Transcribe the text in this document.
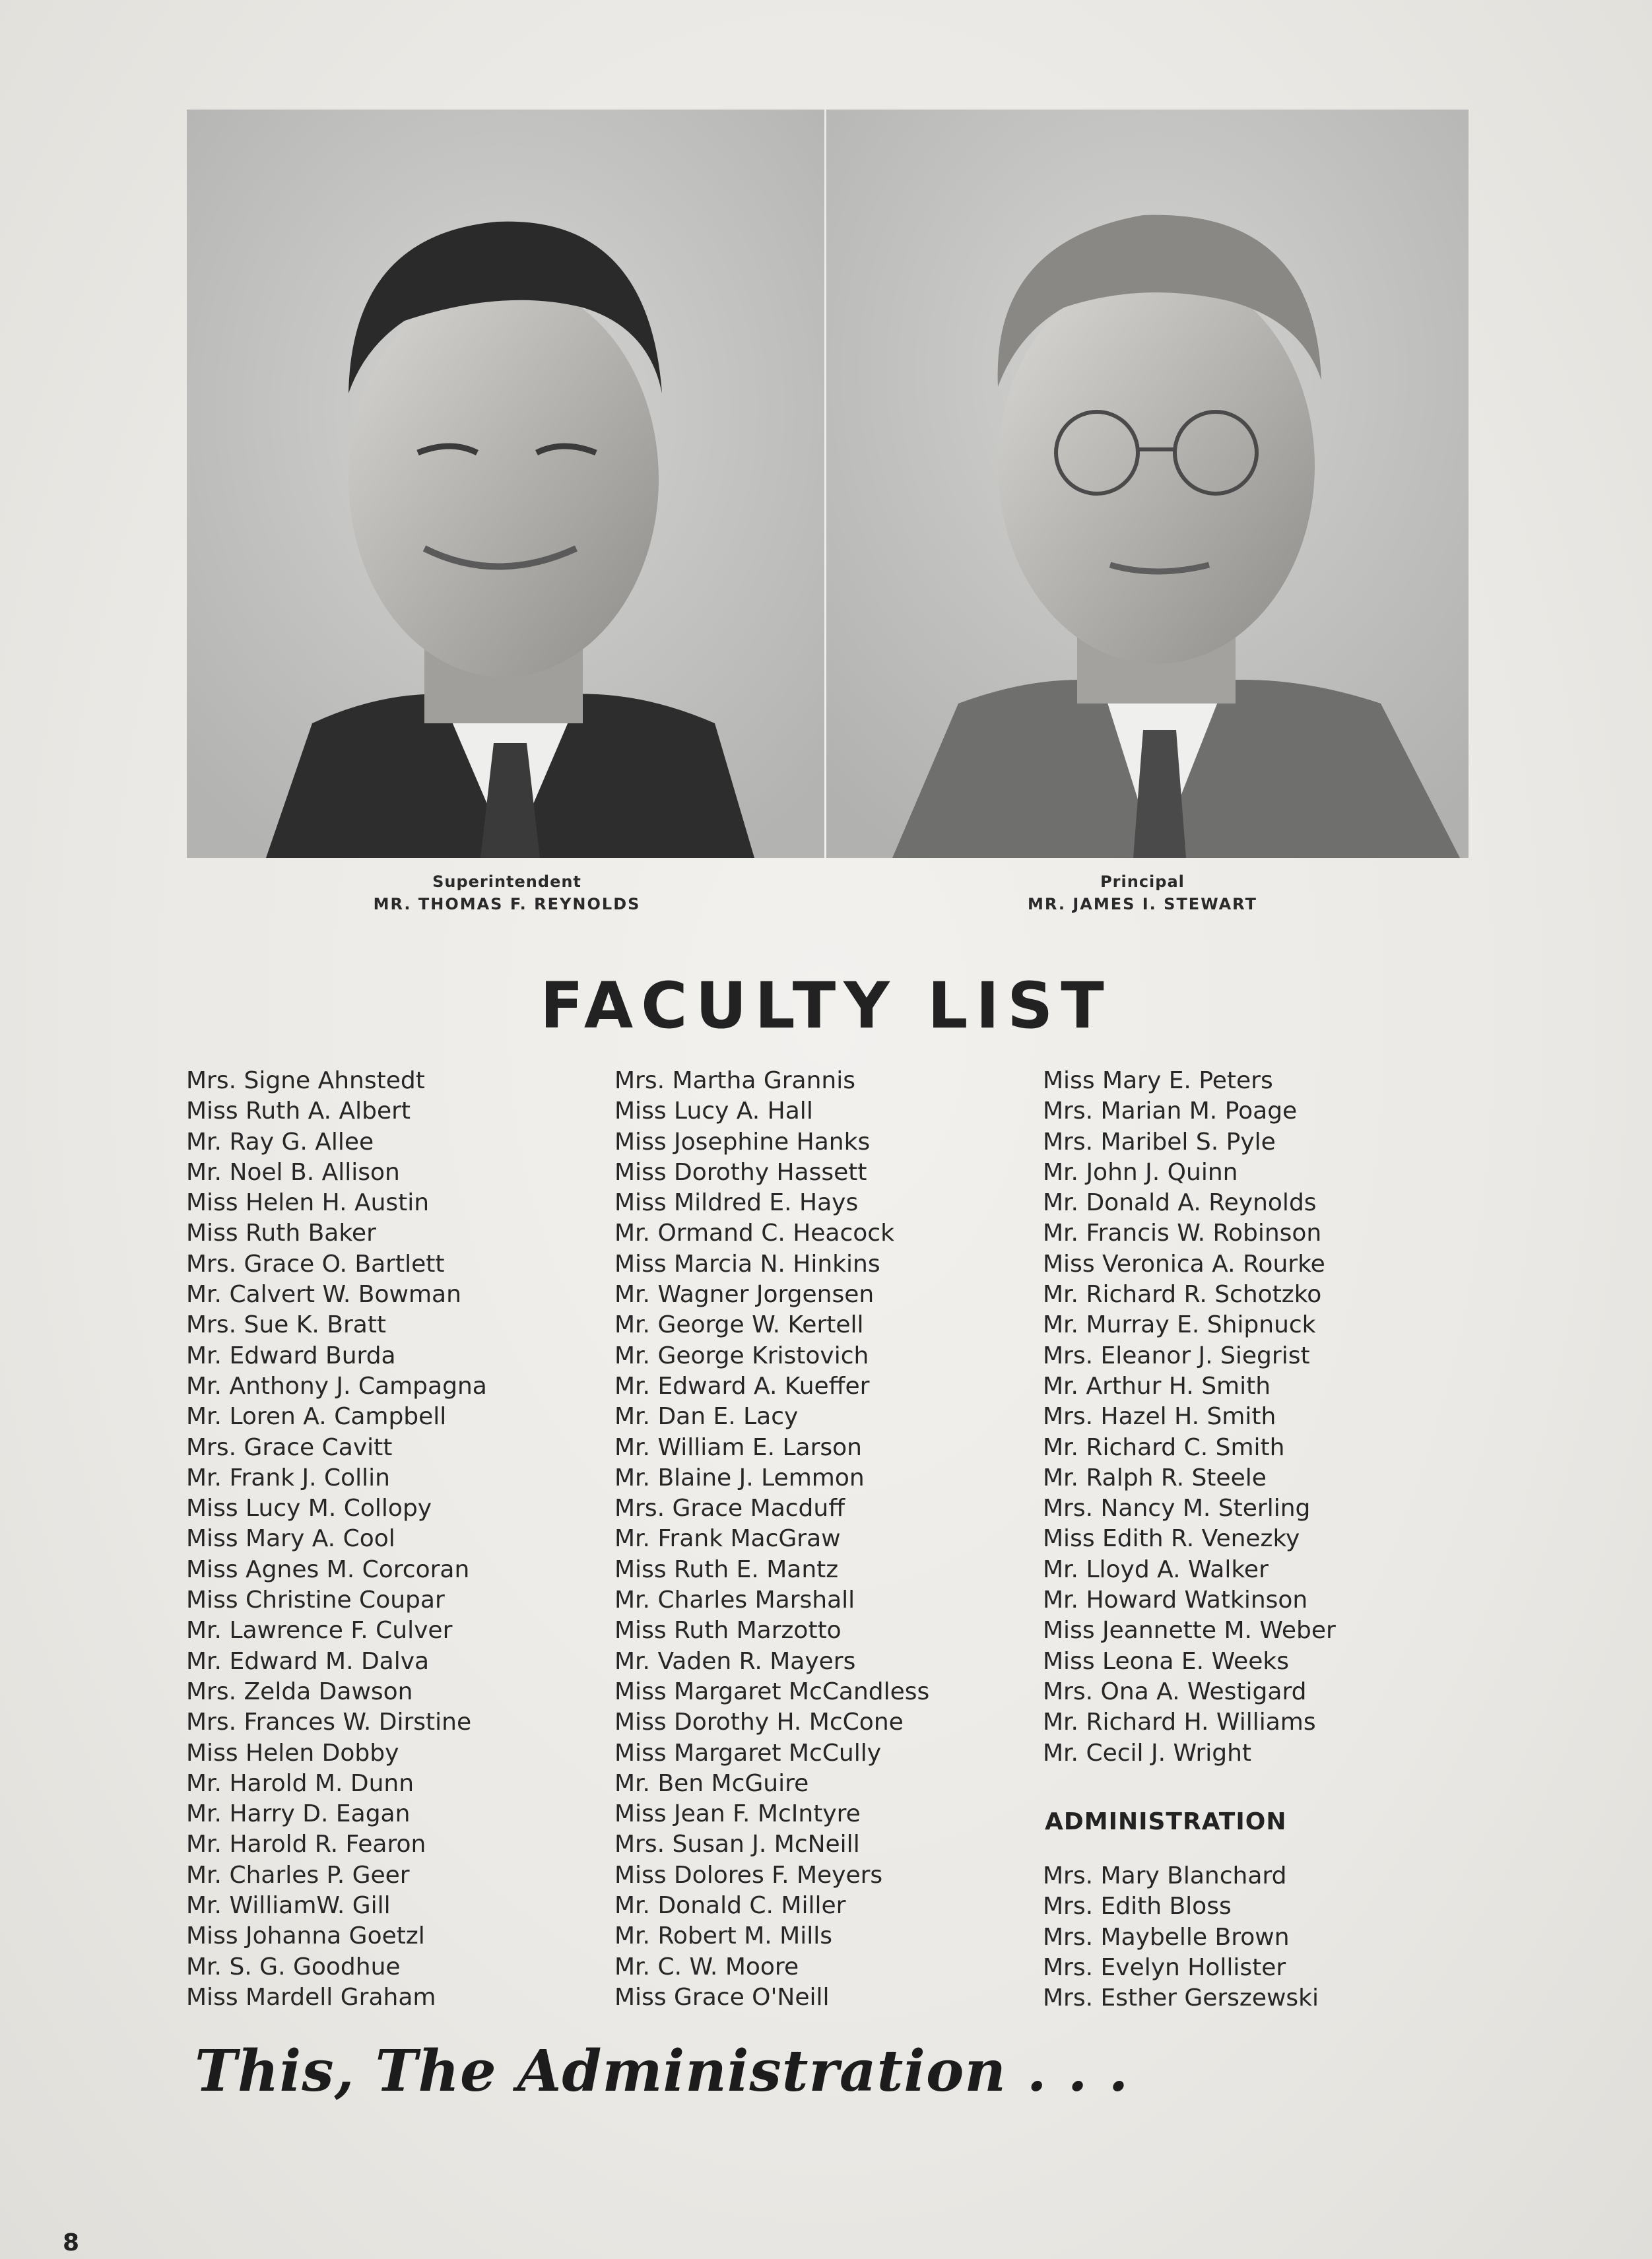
Superintendent
MR. THOMAS F. REYNOLDS
Principal
MR. JAMES I. STEWART
FACULTY LIST
Mrs. Signe Ahnstedt
Miss Ruth A. Albert
Mr. Ray G. Allee
Mr. Noel B. Allison
Miss Helen H. Austin
Miss Ruth Baker
Mrs. Grace O. Bartlett
Mr. Calvert W. Bowman
Mrs. Sue K. Bratt
Mr. Edward Burda
Mr. Anthony J. Campagna
Mr. Loren A. Campbell
Mrs. Grace Cavitt
Mr. Frank J. Collin
Miss Lucy M. Collopy
Miss Mary A. Cool
Miss Agnes M. Corcoran
Miss Christine Coupar
Mr. Lawrence F. Culver
Mr. Edward M. Dalva
Mrs. Zelda Dawson
Mrs. Frances W. Dirstine
Miss Helen Dobby
Mr. Harold M. Dunn
Mr. Harry D. Eagan
Mr. Harold R. Fearon
Mr. Charles P. Geer
Mr. WilliamW. Gill
Miss Johanna Goetzl
Mr. S. G. Goodhue
Miss Mardell Graham
Mrs. Martha Grannis
Miss Lucy A. Hall
Miss Josephine Hanks
Miss Dorothy Hassett
Miss Mildred E. Hays
Mr. Ormand C. Heacock
Miss Marcia N. Hinkins
Mr. Wagner Jorgensen
Mr. George W. Kertell
Mr. George Kristovich
Mr. Edward A. Kueffer
Mr. Dan E. Lacy
Mr. William E. Larson
Mr. Blaine J. Lemmon
Mrs. Grace Macduff
Mr. Frank MacGraw
Miss Ruth E. Mantz
Mr. Charles Marshall
Miss Ruth Marzotto
Mr. Vaden R. Mayers
Miss Margaret McCandless
Miss Dorothy H. McCone
Miss Margaret McCully
Mr. Ben McGuire
Miss Jean F. McIntyre
Mrs. Susan J. McNeill
Miss Dolores F. Meyers
Mr. Donald C. Miller
Mr. Robert M. Mills
Mr. C. W. Moore
Miss Grace O'Neill
Miss Mary E. Peters
Mrs. Marian M. Poage
Mrs. Maribel S. Pyle
Mr. John J. Quinn
Mr. Donald A. Reynolds
Mr. Francis W. Robinson
Miss Veronica A. Rourke
Mr. Richard R. Schotzko
Mr. Murray E. Shipnuck
Mrs. Eleanor J. Siegrist
Mr. Arthur H. Smith
Mrs. Hazel H. Smith
Mr. Richard C. Smith
Mr. Ralph R. Steele
Mrs. Nancy M. Sterling
Miss Edith R. Venezky
Mr. Lloyd A. Walker
Mr. Howard Watkinson
Miss Jeannette M. Weber
Miss Leona E. Weeks
Mrs. Ona A. Westigard
Mr. Richard H. Williams
Mr. Cecil J. Wright
ADMINISTRATION
Mrs. Mary Blanchard
Mrs. Edith Bloss
Mrs. Maybelle Brown
Mrs. Evelyn Hollister
Mrs. Esther Gerszewski
This, The Administration . . .
8
